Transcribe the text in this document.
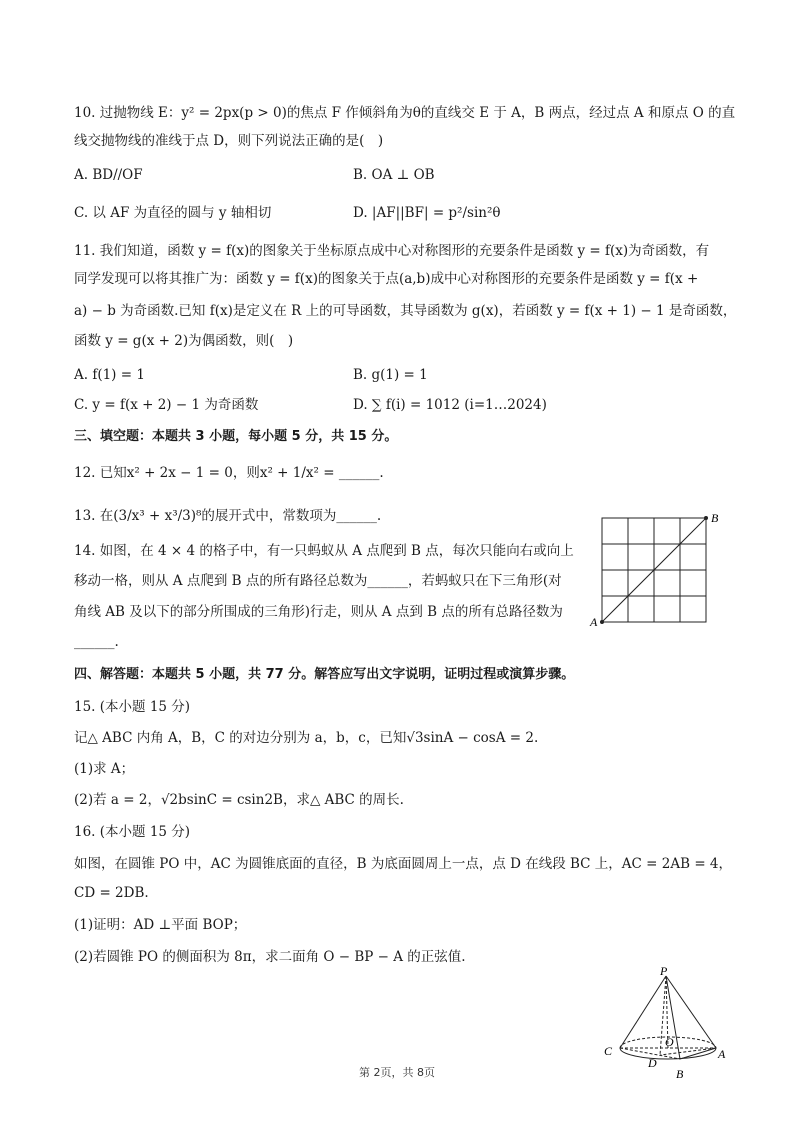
10. 过抛物线 E：y² = 2px(p > 0)的焦点 F 作倾斜角为θ的直线交 E 于 A，B 两点，经过点 A 和原点 O 的直
线交抛物线的准线于点 D，则下列说法正确的是(　)
A. BD//OF	B. OA ⊥ OB
C. 以 AF 为直径的圆与 y 轴相切	D. |AF||BF| = p²/sin²θ
11. 我们知道，函数 y = f(x)的图象关于坐标原点成中心对称图形的充要条件是函数 y = f(x)为奇函数，有
同学发现可以将其推广为：函数 y = f(x)的图象关于点(a,b)成中心对称图形的充要条件是函数 y = f(x +
a) − b 为奇函数.已知 f(x)是定义在 R 上的可导函数，其导函数为 g(x)，若函数 y = f(x + 1) − 1 是奇函数，
函数 y = g(x + 2)为偶函数，则(　)
A. f(1) = 1	B. g(1) = 1
C. y = f(x + 2) − 1 为奇函数	D. ∑ f(i) = 1012 (i=1…2024)
三、填空题：本题共 3 小题，每小题 5 分，共 15 分。
12. 已知x² + 2x − 1 = 0，则x² + 1/x² = ______.
13. 在(3/x³ + x³/3)⁸的展开式中，常数项为______.
14. 如图，在 4 × 4 的格子中，有一只蚂蚁从 A 点爬到 B 点，每次只能向右或向上
移动一格，则从 A 点爬到 B 点的所有路径总数为______，若蚂蚁只在下三角形(对
角线 AB 及以下的部分所围成的三角形)行走，则从 A 点到 B 点的所有总路径数为
______.
A
B
四、解答题：本题共 5 小题，共 77 分。解答应写出文字说明，证明过程或演算步骤。
15. (本小题 15 分)
记△ ABC 内角 A，B，C 的对边分别为 a，b，c，已知√3sinA − cosA = 2.
(1)求 A；
(2)若 a = 2，√2bsinC = csin2B，求△ ABC 的周长.
16. (本小题 15 分)
如图，在圆锥 PO 中，AC 为圆锥底面的直径，B 为底面圆周上一点，点 D 在线段 BC 上，AC = 2AB = 4，
CD = 2DB.
(1)证明：AD ⊥平面 BOP；
(2)若圆锥 PO 的侧面积为 8π，求二面角 O − BP − A 的正弦值.
P
O
C
D
A
B
第 2页，共 8页
